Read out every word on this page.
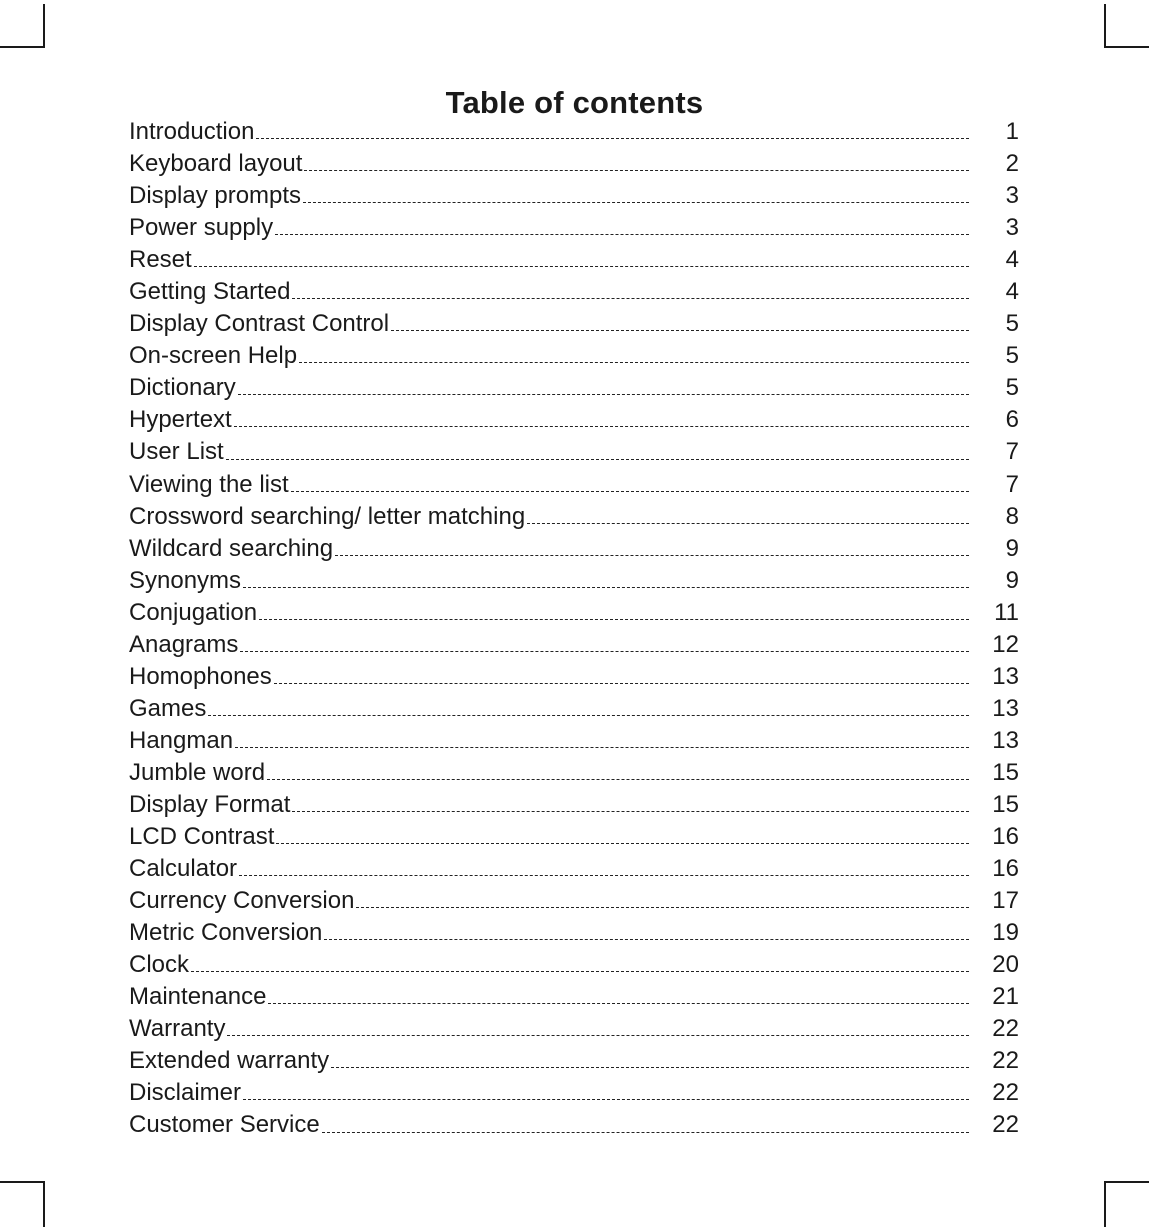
Table of contents
Introduction	1
Keyboard layout	2
Display prompts	3
Power supply	3
Reset	4
Getting Started	4
Display Contrast Control	5
On-screen Help	5
Dictionary	5
Hypertext	6
User List	7
Viewing the list	7
Crossword searching/ letter matching	8
Wildcard searching	9
Synonyms	9
Conjugation	11
Anagrams	12
Homophones	13
Games	13
Hangman	13
Jumble word	15
Display Format	15
LCD Contrast	16
Calculator	16
Currency Conversion	17
Metric Conversion	19
Clock	20
Maintenance	21
Warranty	22
Extended warranty	22
Disclaimer	22
Customer Service	22
